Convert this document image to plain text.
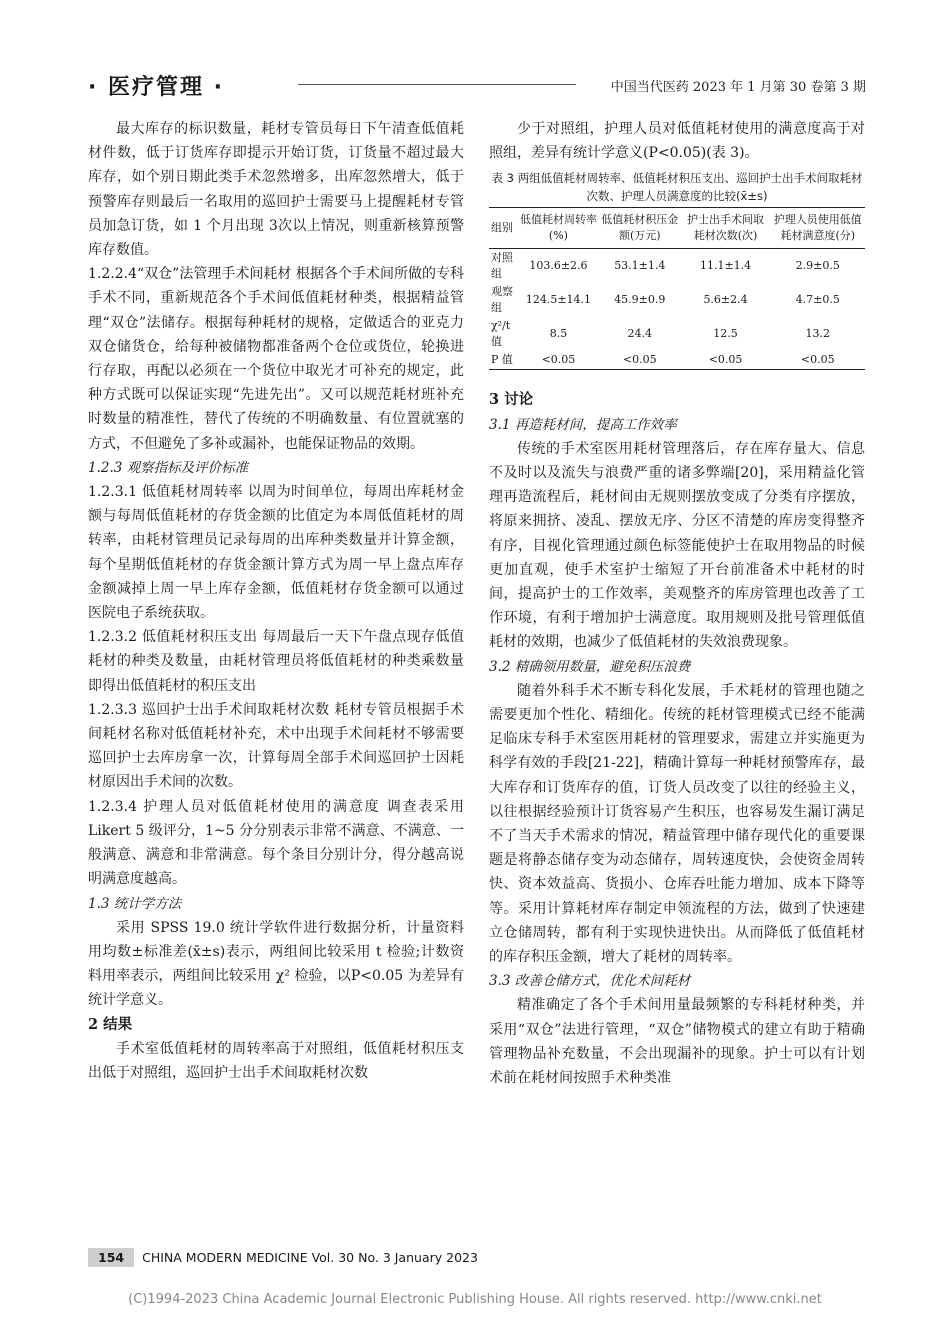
· 医疗管理 ·	中国当代医药 2023 年 1 月第 30 卷第 3 期

最大库存的标识数量，耗材专管员每日下午清查低值耗材件数，低于订货库存即提示开始订货，订货量不超过最大库存，如个别日期此类手术忽然增多，出库忽然增大，低于预警库存则最后一名取用的巡回护士需要马上提醒耗材专管员加急订货，如 1 个月出现 3次以上情况，则重新核算预警库存数值。

1.2.2.4“双仓”法管理手术间耗材 根据各个手术间所做的专科手术不同，重新规范各个手术间低值耗材种类，根据精益管理“双仓”法储存。根据每种耗材的规格，定做适合的亚克力双仓储货仓，给每种被储物都准备两个仓位或货位，轮换进行存取，再配以必须在一个货位中取光才可补充的规定，此种方式既可以保证实现“先进先出”。又可以规范耗材班补充时数量的精准性，替代了传统的不明确数量、有位置就塞的方式，不但避免了多补或漏补，也能保证物品的效期。

1.2.3 观察指标及评价标准

1.2.3.1 低值耗材周转率 以周为时间单位，每周出库耗材金额与每周低值耗材的存货金额的比值定为本周低值耗材的周转率，由耗材管理员记录每周的出库种类数量并计算金额，每个星期低值耗材的存货金额计算方式为周一早上盘点库存金额减掉上周一早上库存金额，低值耗材存货金额可以通过医院电子系统获取。

1.2.3.2 低值耗材积压支出 每周最后一天下午盘点现存低值耗材的种类及数量，由耗材管理员将低值耗材的种类乘数量即得出低值耗材的积压支出

1.2.3.3 巡回护士出手术间取耗材次数 耗材专管员根据手术间耗材名称对低值耗材补充，术中出现手术间耗材不够需要巡回护士去库房拿一次，计算每周全部手术间巡回护士因耗材原因出手术间的次数。

1.2.3.4 护理人员对低值耗材使用的满意度 调查表采用 Likert 5 级评分，1~5 分分别表示非常不满意、不满意、一般满意、满意和非常满意。每个条目分别计分，得分越高说明满意度越高。

1.3 统计学方法

采用 SPSS 19.0 统计学软件进行数据分析，计量资料用均数±标准差(x̄±s)表示，两组间比较采用 t 检验;计数资料用率表示，两组间比较采用 χ² 检验，以P<0.05 为差异有统计学意义。

2 结果

手术室低值耗材的周转率高于对照组，低值耗材积压支出低于对照组，巡回护士出手术间取耗材次数

少于对照组，护理人员对低值耗材使用的满意度高于对照组，差异有统计学意义(P<0.05)(表 3)。

表 3 两组低值耗材周转率、低值耗材积压支出、巡回护士出手术间取耗材次数、护理人员满意度的比较(x̄±s)
组别	低值耗材周转率(%)	低值耗材积压金额(万元)	护士出手术间取耗材次数(次)	护理人员使用低值耗材满意度(分)
对照组	103.6±2.6	53.1±1.4	11.1±1.4	2.9±0.5
观察组	124.5±14.1	45.9±0.9	5.6±2.4	4.7±0.5
χ²/t 值	8.5	24.4	12.5	13.2
P 值	<0.05	<0.05	<0.05	<0.05

3 讨论

3.1 再造耗材间，提高工作效率

传统的手术室医用耗材管理落后，存在库存量大、信息不及时以及流失与浪费严重的诸多弊端[20]，采用精益化管理再造流程后，耗材间由无规则摆放变成了分类有序摆放，将原来拥挤、凌乱、摆放无序、分区不清楚的库房变得整齐有序，目视化管理通过颜色标签能使护士在取用物品的时候更加直观，使手术室护士缩短了开台前准备术中耗材的时间，提高护士的工作效率，美观整齐的库房管理也改善了工作环境，有利于增加护士满意度。取用规则及批号管理低值耗材的效期，也减少了低值耗材的失效浪费现象。

3.2 精确领用数量，避免积压浪费

随着外科手术不断专科化发展，手术耗材的管理也随之需要更加个性化、精细化。传统的耗材管理模式已经不能满足临床专科手术室医用耗材的管理要求，需建立并实施更为科学有效的手段[21-22]，精确计算每一种耗材预警库存，最大库存和订货库存的值，订货人员改变了以往的经验主义，以往根据经验预计订货容易产生积压，也容易发生漏订满足不了当天手术需求的情况，精益管理中储存现代化的重要课题是将静态储存变为动态储存，周转速度快，会使资金周转快、资本效益高、货损小、仓库吞吐能力增加、成本下降等等。采用计算耗材库存制定申领流程的方法，做到了快速建立仓储周转，都有利于实现快进快出。从而降低了低值耗材的库存积压金额，增大了耗材的周转率。

3.3 改善仓储方式，优化术间耗材

精准确定了各个手术间用量最频繁的专科耗材种类，并采用“双仓”法进行管理，“双仓”储物模式的建立有助于精确管理物品补充数量，不会出现漏补的现象。护士可以有计划术前在耗材间按照手术种类准

154 CHINA MODERN MEDICINE Vol. 30 No. 3 January 2023
(C)1994-2023 China Academic Journal Electronic Publishing House. All rights reserved. http://www.cnki.net
